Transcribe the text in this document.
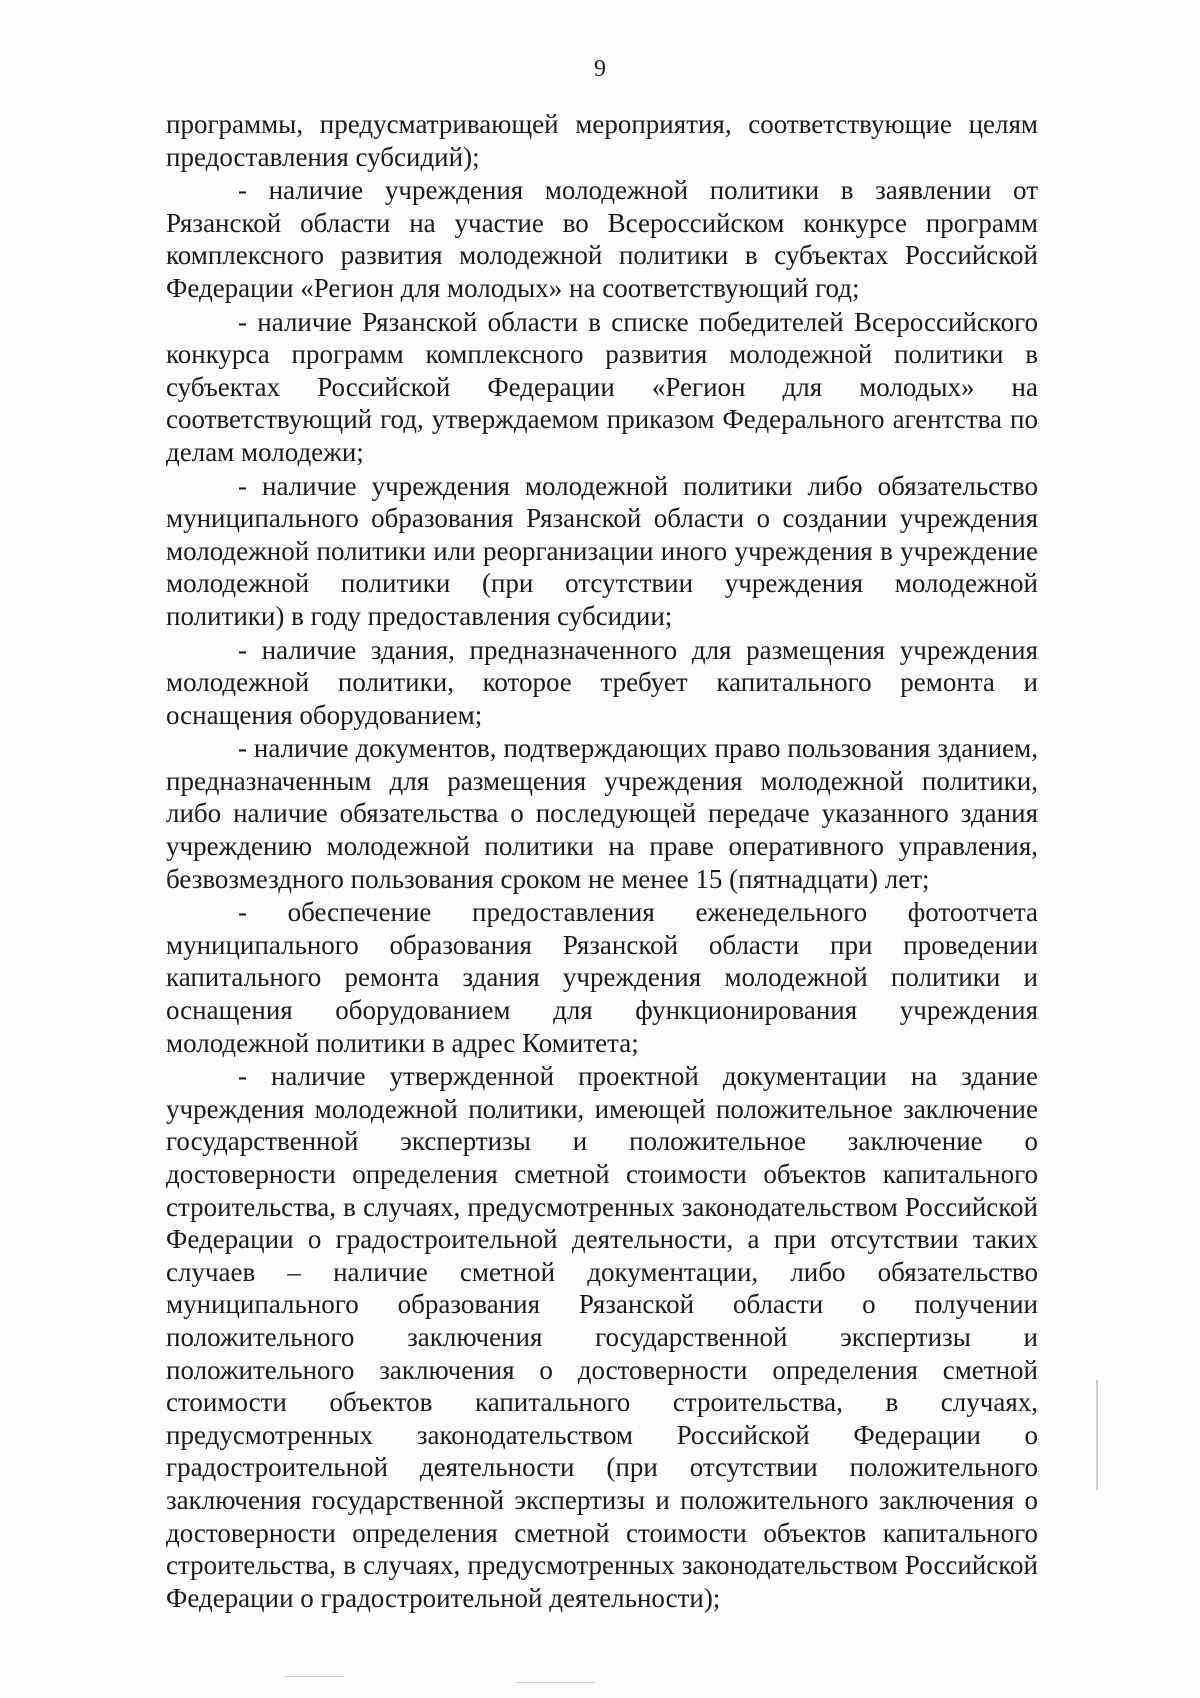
9

программы, предусматривающей мероприятия, соответствующие целям предоставления субсидий);

- наличие учреждения молодежной политики в заявлении от Рязанской области на участие во Всероссийском конкурсе программ комплексного развития молодежной политики в субъектах Российской Федерации «Регион для молодых» на соответствующий год;

- наличие Рязанской области в списке победителей Всероссийского конкурса программ комплексного развития молодежной политики в субъектах Российской Федерации «Регион для молодых» на соответствующий год, утверждаемом приказом Федерального агентства по делам молодежи;

- наличие учреждения молодежной политики либо обязательство муниципального образования Рязанской области о создании учреждения молодежной политики или реорганизации иного учреждения в учреждение молодежной политики (при отсутствии учреждения молодежной политики) в году предоставления субсидии;

- наличие здания, предназначенного для размещения учреждения молодежной политики, которое требует капитального ремонта и оснащения оборудованием;

- наличие документов, подтверждающих право пользования зданием, предназначенным для размещения учреждения молодежной политики, либо наличие обязательства о последующей передаче указанного здания учреждению молодежной политики на праве оперативного управления, безвозмездного пользования сроком не менее 15 (пятнадцати) лет;

- обеспечение предоставления еженедельного фотоотчета муниципального образования Рязанской области при проведении капитального ремонта здания учреждения молодежной политики и оснащения оборудованием для функционирования учреждения молодежной политики в адрес Комитета;

- наличие утвержденной проектной документации на здание учреждения молодежной политики, имеющей положительное заключение государственной экспертизы и положительное заключение о достоверности определения сметной стоимости объектов капитального строительства, в случаях, предусмотренных законодательством Российской Федерации о градостроительной деятельности, а при отсутствии таких случаев – наличие сметной документации, либо обязательство муниципального образования Рязанской области о получении положительного заключения государственной экспертизы и положительного заключения о достоверности определения сметной стоимости объектов капитального строительства, в случаях, предусмотренных законодательством Российской Федерации о градостроительной деятельности (при отсутствии положительного заключения государственной экспертизы и положительного заключения о достоверности определения сметной стоимости объектов капитального строительства, в случаях, предусмотренных законодательством Российской Федерации о градостроительной деятельности);
